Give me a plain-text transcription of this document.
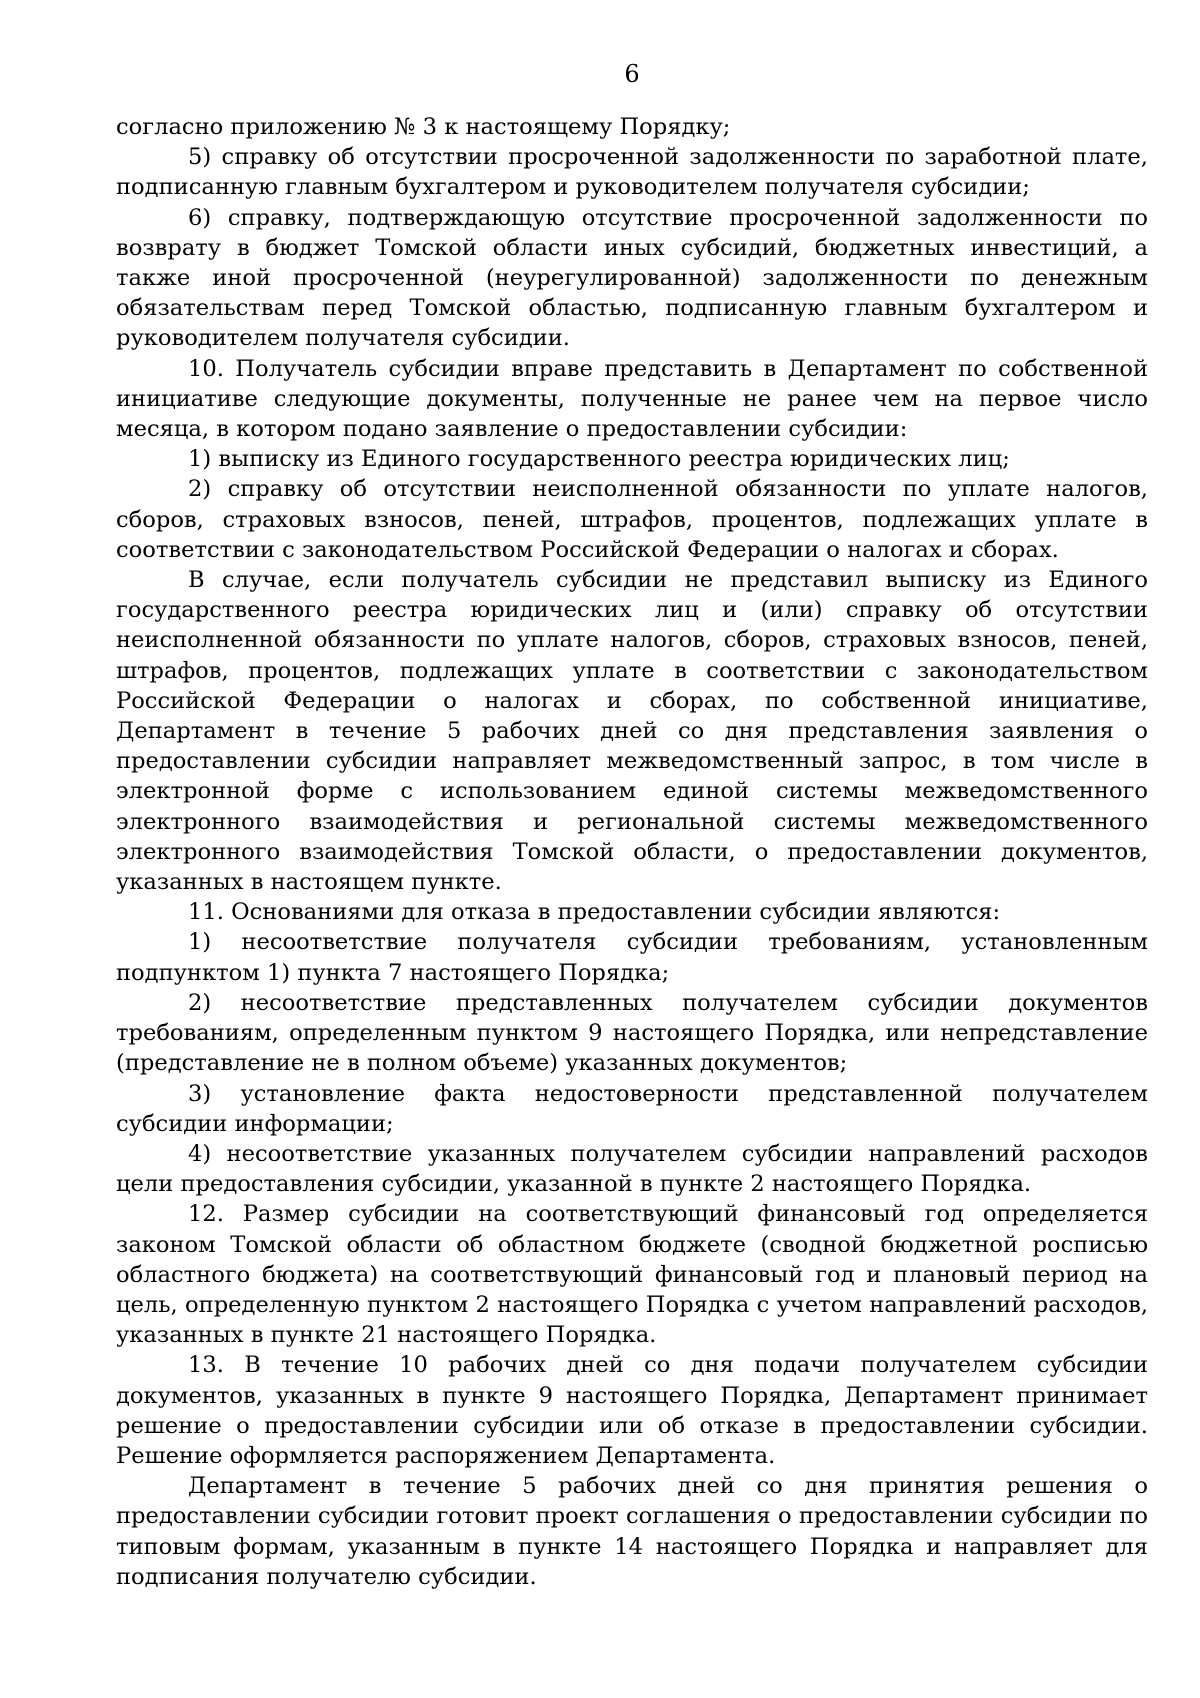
6

согласно приложению № 3 к настоящему Порядку;

5) справку об отсутствии просроченной задолженности по заработной плате, подписанную главным бухгалтером и руководителем получателя субсидии;

6) справку, подтверждающую отсутствие просроченной задолженности по возврату в бюджет Томской области иных субсидий, бюджетных инвестиций, а также иной просроченной (неурегулированной) задолженности по денежным обязательствам перед Томской областью, подписанную главным бухгалтером и руководителем получателя субсидии.

10. Получатель субсидии вправе представить в Департамент по собственной инициативе следующие документы, полученные не ранее чем на первое число месяца, в котором подано заявление о предоставлении субсидии:

1) выписку из Единого государственного реестра юридических лиц;

2) справку об отсутствии неисполненной обязанности по уплате налогов, сборов, страховых взносов, пеней, штрафов, процентов, подлежащих уплате в соответствии с законодательством Российской Федерации о налогах и сборах.

В случае, если получатель субсидии не представил выписку из Единого государственного реестра юридических лиц и (или) справку об отсутствии неисполненной обязанности по уплате налогов, сборов, страховых взносов, пеней, штрафов, процентов, подлежащих уплате в соответствии с законодательством Российской Федерации о налогах и сборах, по собственной инициативе, Департамент в течение 5 рабочих дней со дня представления заявления о предоставлении субсидии направляет межведомственный запрос, в том числе в электронной форме с использованием единой системы межведомственного электронного взаимодействия и региональной системы межведомственного электронного взаимодействия Томской области, о предоставлении документов, указанных в настоящем пункте.

11. Основаниями для отказа в предоставлении субсидии являются:

1) несоответствие получателя субсидии требованиям, установленным подпунктом 1) пункта 7 настоящего Порядка;

2) несоответствие представленных получателем субсидии документов требованиям, определенным пунктом 9 настоящего Порядка, или непредставление (представление не в полном объеме) указанных документов;

3) установление факта недостоверности представленной получателем субсидии информации;

4) несоответствие указанных получателем субсидии направлений расходов цели предоставления субсидии, указанной в пункте 2 настоящего Порядка.

12. Размер субсидии на соответствующий финансовый год определяется законом Томской области об областном бюджете (сводной бюджетной росписью областного бюджета) на соответствующий финансовый год и плановый период на цель, определенную пунктом 2 настоящего Порядка с учетом направлений расходов, указанных в пункте 21 настоящего Порядка.

13. В течение 10 рабочих дней со дня подачи получателем субсидии документов, указанных в пункте 9 настоящего Порядка, Департамент принимает решение о предоставлении субсидии или об отказе в предоставлении субсидии. Решение оформляется распоряжением Департамента.

Департамент в течение 5 рабочих дней со дня принятия решения о предоставлении субсидии готовит проект соглашения о предоставлении субсидии по типовым формам, указанным в пункте 14 настоящего Порядка и направляет для подписания получателю субсидии.
